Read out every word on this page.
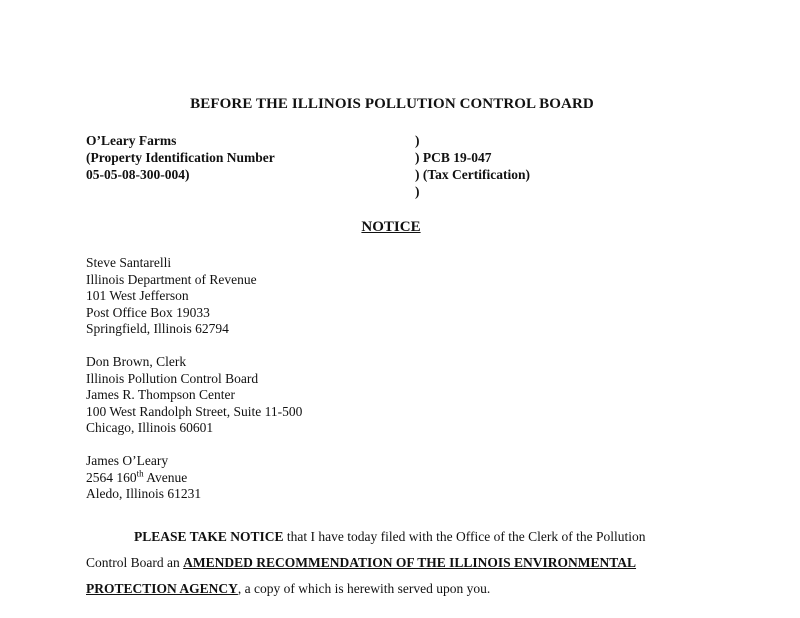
BEFORE THE ILLINOIS POLLUTION CONTROL BOARD
O’Leary Farms
(Property Identification Number
05-05-08-300-004)
)
) PCB 19-047
) (Tax Certification)
)
NOTICE
Steve Santarelli
Illinois Department of Revenue
101 West Jefferson
Post Office Box 19033
Springfield, Illinois 62794
Don Brown, Clerk
Illinois Pollution Control Board
James R. Thompson Center
100 West Randolph Street, Suite 11-500
Chicago, Illinois 60601
James O’Leary
2564 160th Avenue
Aledo, Illinois 61231
PLEASE TAKE NOTICE that I have today filed with the Office of the Clerk of the Pollution
Control Board an AMENDED RECOMMENDATION OF THE ILLINOIS ENVIRONMENTAL
PROTECTION AGENCY, a copy of which is herewith served upon you.
